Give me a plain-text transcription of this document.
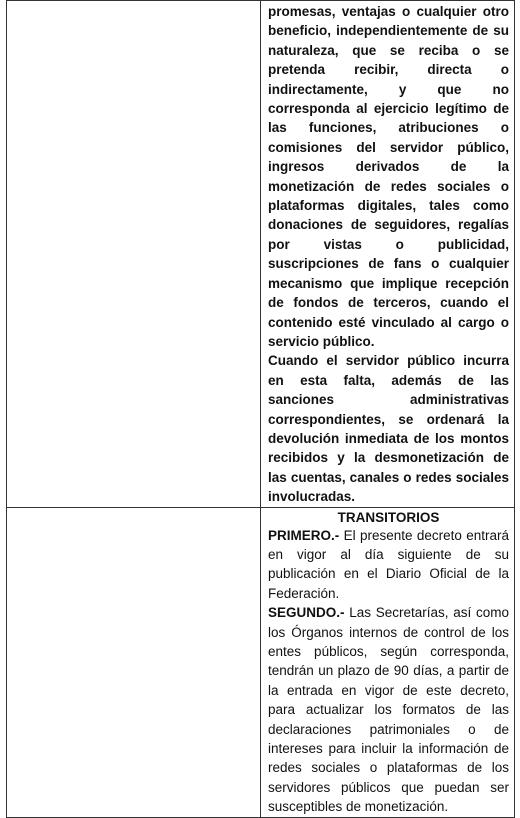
	promesas, ventajas o cualquier otro beneficio, independientemente de su naturaleza, que se reciba o se pretenda recibir, directa o indirectamente, y que no corresponda al ejercicio legítimo de las funciones, atribuciones o comisiones del servidor público, ingresos derivados de la monetización de redes sociales o plataformas digitales, tales como donaciones de seguidores, regalías por vistas o publicidad, suscripciones de fans o cualquier mecanismo que implique recepción de fondos de terceros, cuando el contenido esté vinculado al cargo o servicio público.

Cuando el servidor público incurra en esta falta, además de las sanciones administrativas correspondientes, se ordenará la devolución inmediata de los montos recibidos y la desmonetización de las cuentas, canales o redes sociales involucradas.

	TRANSITORIOS

PRIMERO.- El presente decreto entrará en vigor al día siguiente de su publicación en el Diario Oficial de la Federación.

SEGUNDO.- Las Secretarías, así como los Órganos internos de control de los entes públicos, según corresponda, tendrán un plazo de 90 días, a partir de la entrada en vigor de este decreto, para actualizar los formatos de las declaraciones patrimoniales o de intereses para incluir la información de redes sociales o plataformas de los servidores públicos que puedan ser susceptibles de monetización.
